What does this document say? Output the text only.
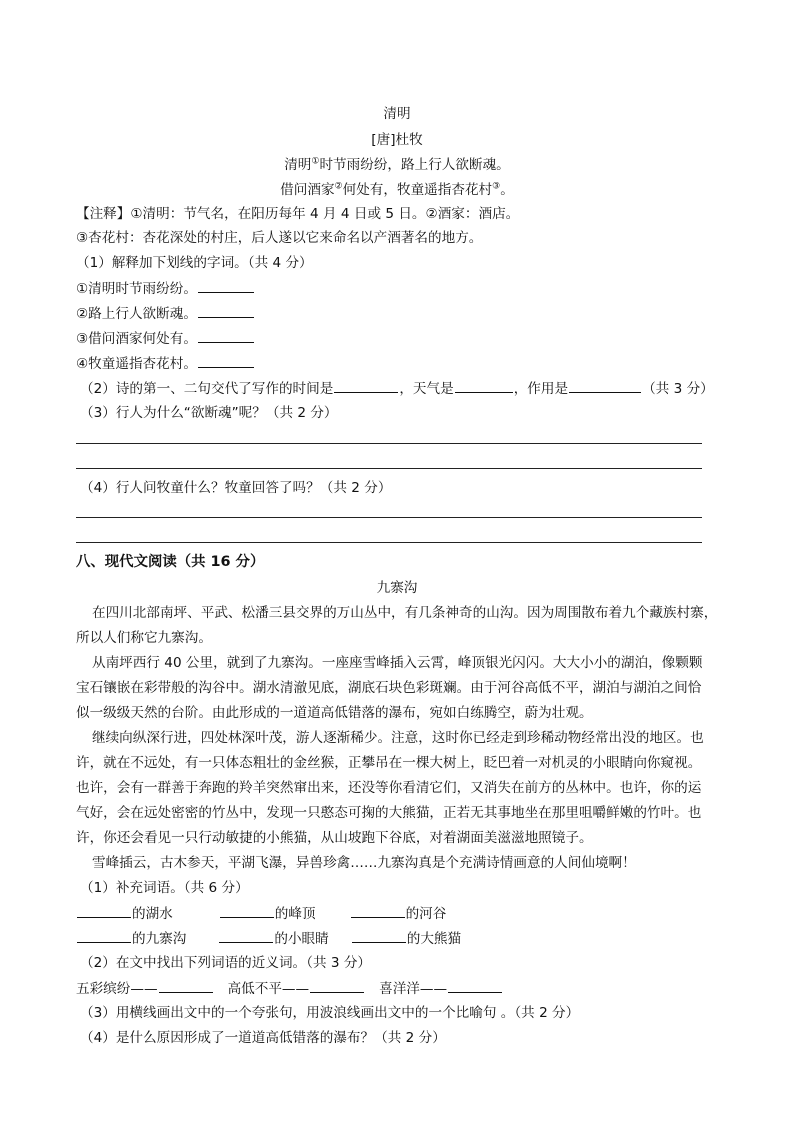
清明
[唐]杜牧
清明①时节雨纷纷，路上行人欲断魂。
借问酒家②何处有，牧童遥指杏花村③。
【注释】①清明：节气名，在阳历每年 4 月 4 日或 5 日。②酒家：酒店。
③杏花村：杏花深处的村庄，后人遂以它来命名以产酒著名的地方。
（1）解释加下划线的字词。（共 4 分）
①清明时节雨纷纷。
②路上行人欲断魂。
③借问酒家何处有。
④牧童遥指杏花村。
（2）诗的第一、二句交代了写作的时间是	，天气是	，作用是	（共 3 分）
（3）行人为什么“欲断魂”呢？（共 2 分）
（4）行人问牧童什么？牧童回答了吗？（共 2 分）
八、现代文阅读（共 16 分）
九寨沟
在四川北部南坪、平武、松潘三县交界的万山丛中，有几条神奇的山沟。因为周围散布着九个藏族村寨，
所以人们称它九寨沟。
从南坪西行 40 公里，就到了九寨沟。一座座雪峰插入云霄，峰顶银光闪闪。大大小小的湖泊，像颗颗
宝石镶嵌在彩带般的沟谷中。湖水清澈见底，湖底石块色彩斑斓。由于河谷高低不平，湖泊与湖泊之间恰
似一级级天然的台阶。由此形成的一道道高低错落的瀑布，宛如白练腾空，蔚为壮观。
继续向纵深行进，四处林深叶茂，游人逐渐稀少。注意，这时你已经走到珍稀动物经常出没的地区。也
许，就在不远处，有一只体态粗壮的金丝猴，正攀吊在一棵大树上，眨巴着一对机灵的小眼睛向你窥视。
也许，会有一群善于奔跑的羚羊突然窜出来，还没等你看清它们，又消失在前方的丛林中。也许，你的运
气好，会在远处密密的竹丛中，发现一只憨态可掬的大熊猫，正若无其事地坐在那里咀嚼鲜嫩的竹叶。也
许，你还会看见一只行动敏捷的小熊猫，从山坡跑下谷底，对着湖面美滋滋地照镜子。
雪峰插云，古木参天，平湖飞瀑，异兽珍禽……九寨沟真是个充满诗情画意的人间仙境啊！
（1）补充词语。（共 6 分）
的湖水	的峰顶	的河谷
的九寨沟	的小眼睛	的大熊猫
（2）在文中找出下列词语的近义词。（共 3 分）
五彩缤纷——	高低不平——	喜洋洋——
（3）用横线画出文中的一个夸张句，用波浪线画出文中的一个比喻句 。（共 2 分）
（4）是什么原因形成了一道道高低错落的瀑布？（共 2 分）
